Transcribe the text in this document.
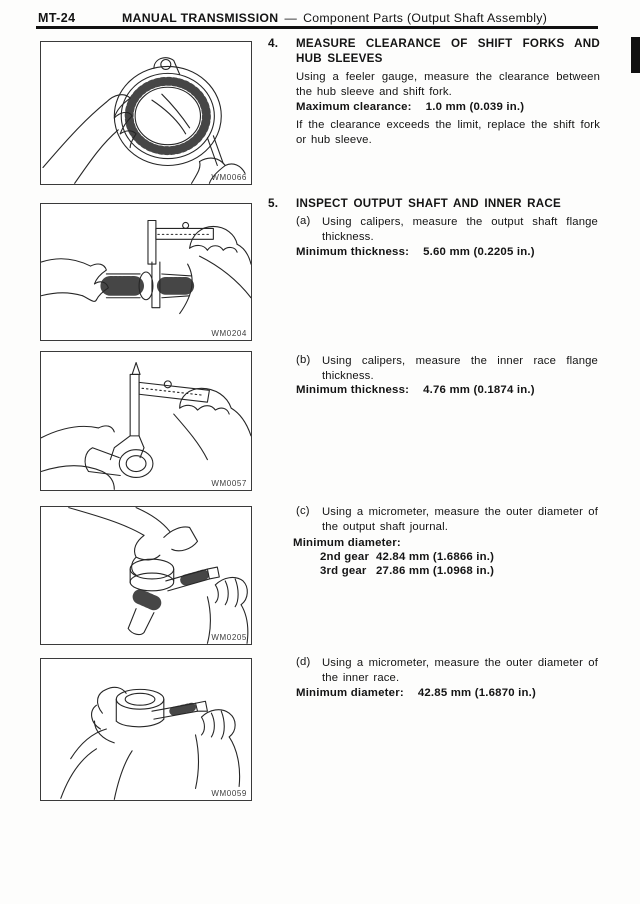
MT-24	MANUAL TRANSMISSION — Component Parts (Output Shaft Assembly)
WM0066
WM0204
WM0057
WM0205
WM0059
4. MEASURE CLEARANCE OF SHIFT FORKS AND HUB SLEEVES
Using a feeler gauge, measure the clearance between the hub sleeve and shift fork.
Maximum clearance: 1.0 mm (0.039 in.)
If the clearance exceeds the limit, replace the shift fork or hub sleeve.
5. INSPECT OUTPUT SHAFT AND INNER RACE
(a) Using calipers, measure the output shaft flange thickness.
Minimum thickness: 5.60 mm (0.2205 in.)
(b) Using calipers, measure the inner race flange thickness.
Minimum thickness: 4.76 mm (0.1874 in.)
(c) Using a micrometer, measure the outer diameter of the output shaft journal.
Minimum diameter:
2nd gear 42.84 mm (1.6866 in.)
3rd gear 27.86 mm (1.0968 in.)
(d) Using a micrometer, measure the outer diameter of the inner race.
Minimum diameter: 42.85 mm (1.6870 in.)
